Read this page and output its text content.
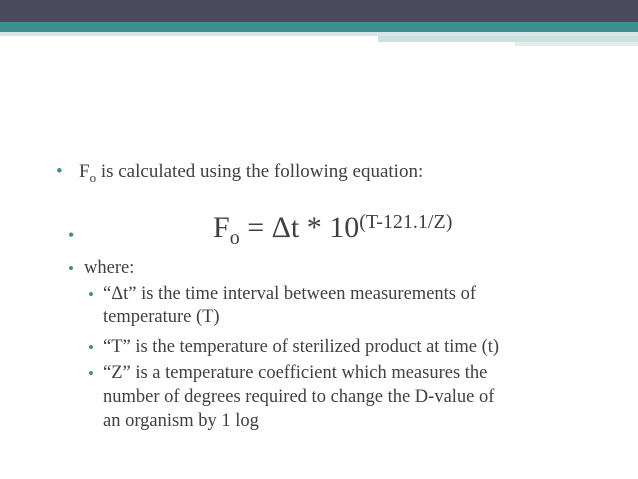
• $F_o$ is calculated using the following equation:
•	$F_o = \Delta t * 10^{(T-121.1/Z)}$
• where:
• “Δt” is the time interval between measurements of
temperature (T)
• “T” is the temperature of sterilized product at time (t)
• “Z” is a temperature coefficient which measures the
number of degrees required to change the D-value of
an organism by 1 log
